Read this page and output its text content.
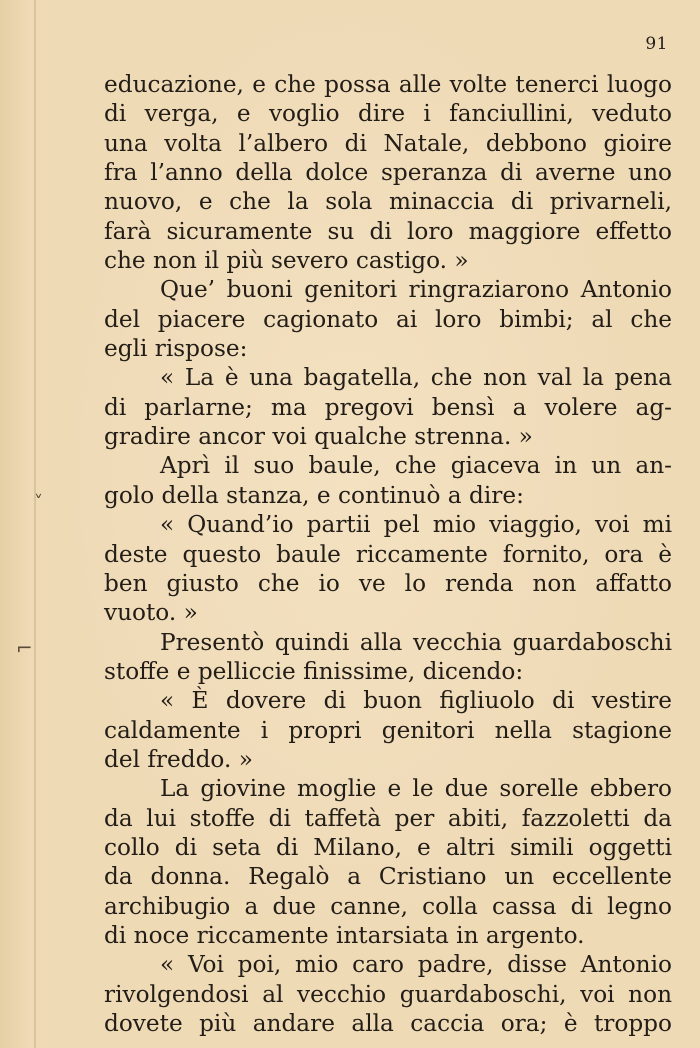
91
educazione, e che possa alle volte tenerci luogo
di verga, e voglio dire i fanciullini, veduto
una volta l’albero di Natale, debbono gioire
fra l’anno della dolce speranza di averne uno
nuovo, e che la sola minaccia di privarneli,
farà sicuramente su di loro maggiore effetto
che non il più severo castigo. »
Que’ buoni genitori ringraziarono Antonio
del piacere cagionato ai loro bimbi; al che
egli rispose:
« La è una bagatella, che non val la pena
di parlarne; ma pregovi bensì a volere ag-
gradire ancor voi qualche strenna. »
Aprì il suo baule, che giaceva in un an-
golo della stanza, e continuò a dire:
« Quand’io partii pel mio viaggio, voi mi
deste questo baule riccamente fornito, ora è
ben giusto che io ve lo renda non affatto
vuoto. »
Presentò quindi alla vecchia guardaboschi
stoffe e pelliccie finissime, dicendo:
« È dovere di buon figliuolo di vestire
caldamente i propri genitori nella stagione
del freddo. »
La giovine moglie e le due sorelle ebbero
da lui stoffe di taffetà per abiti, fazzoletti da
collo di seta di Milano, e altri simili oggetti
da donna. Regalò a Cristiano un eccellente
archibugio a due canne, colla cassa di legno
di noce riccamente intarsiata in argento.
« Voi poi, mio caro padre, disse Antonio
rivolgendosi al vecchio guardaboschi, voi non
dovete più andare alla caccia ora; è troppo
˅
⌐
